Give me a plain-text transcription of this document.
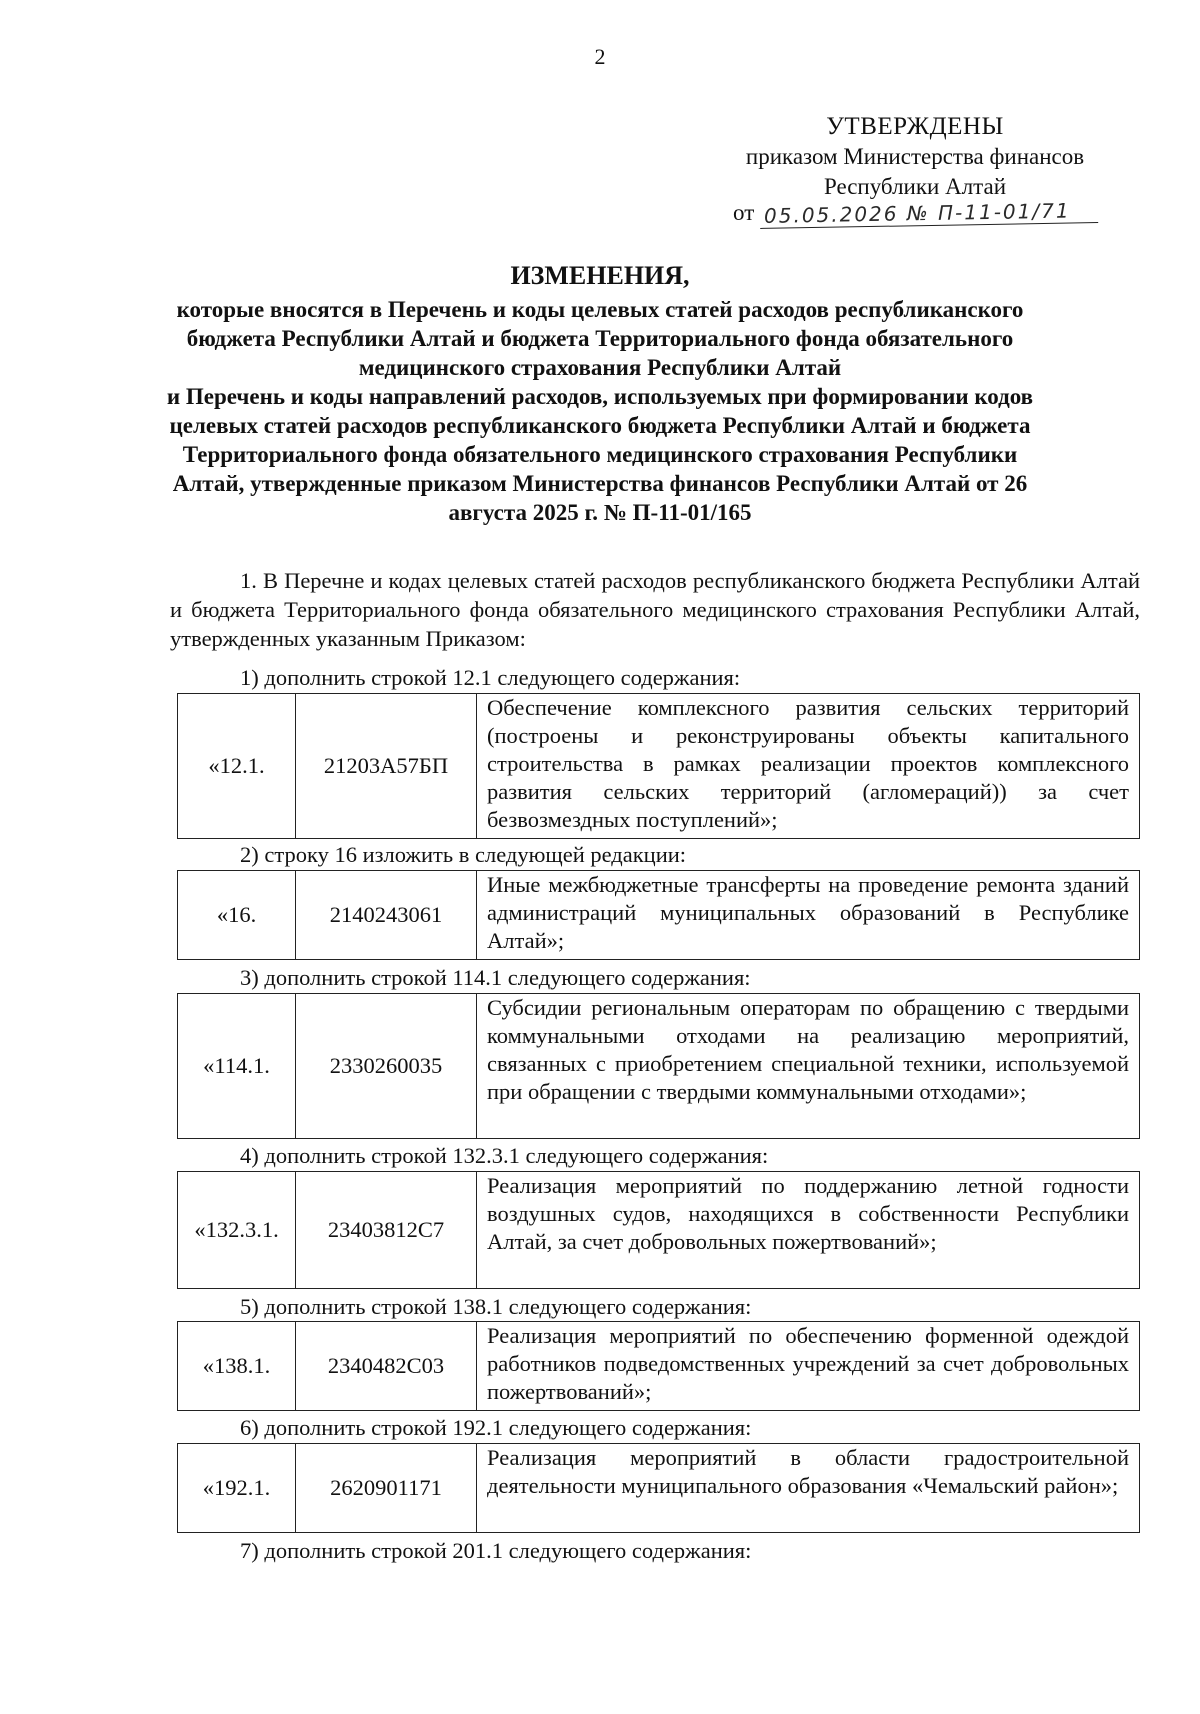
2
УТВЕРЖДЕНЫ
приказом Министерства финансов
Республики Алтай
от 05.05.2026 № П-11-01/71
ИЗМЕНЕНИЯ,
которые вносятся в Перечень и коды целевых статей расходов республиканского
бюджета Республики Алтай и бюджета Территориального фонда обязательного
медицинского страхования Республики Алтай
и Перечень и коды направлений расходов, используемых при формировании кодов
целевых статей расходов республиканского бюджета Республики Алтай и бюджета
Территориального фонда обязательного медицинского страхования Республики
Алтай, утвержденные приказом Министерства финансов Республики Алтай от 26
августа 2025 г. № П-11-01/165
1. В Перечне и кодах целевых статей расходов республиканского бюджета Республики Алтай и бюджета Территориального фонда обязательного медицинского страхования Республики Алтай, утвержденных указанным Приказом:
1) дополнить строкой 12.1 следующего содержания:
«12.1.	21203А57БП	Обеспечение комплексного развития сельских территорий (построены и реконструированы объекты капитального строительства в рамках реализации проектов комплексного развития сельских территорий (агломераций)) за счет безвозмездных поступлений»;
2) строку 16 изложить в следующей редакции:
«16.	2140243061	Иные межбюджетные трансферты на проведение ремонта зданий администраций муниципальных образований в Республике Алтай»;
3) дополнить строкой 114.1 следующего содержания:
«114.1.	2330260035	Субсидии региональным операторам по обращению с твердыми коммунальными отходами на реализацию мероприятий, связанных с приобретением специальной техники, используемой при обращении с твердыми коммунальными отходами»;
4) дополнить строкой 132.3.1 следующего содержания:
«132.3.1.	23403812С7	Реализация мероприятий по поддержанию летной годности воздушных судов, находящихся в собственности Республики Алтай, за счет добровольных пожертвований»;
5) дополнить строкой 138.1 следующего содержания:
«138.1.	2340482С03	Реализация мероприятий по обеспечению форменной одеждой работников подведомственных учреждений за счет добровольных пожертвований»;
6) дополнить строкой 192.1 следующего содержания:
«192.1.	2620901171	Реализация мероприятий в области градостроительной деятельности муниципального образования «Чемальский район»;
7) дополнить строкой 201.1 следующего содержания:
